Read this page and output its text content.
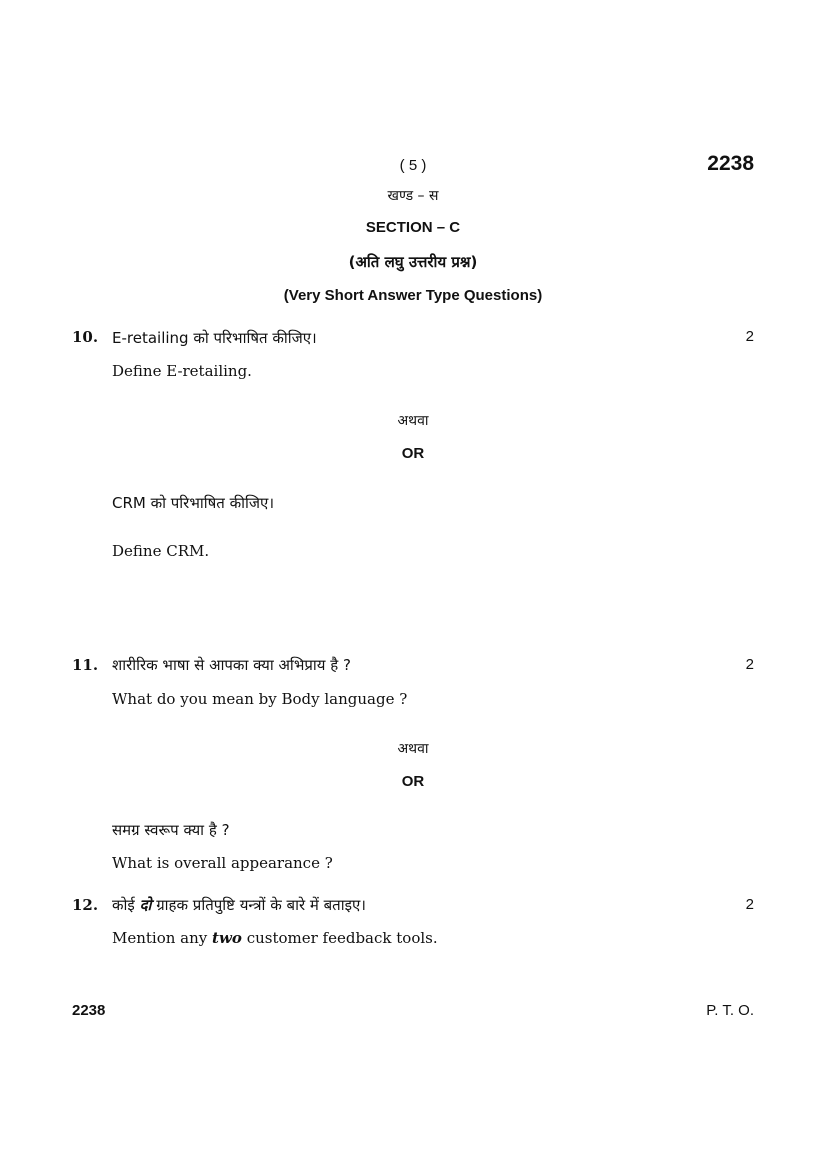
( 5 )	2238
खण्ड – स
SECTION – C
(अति लघु उत्तरीय प्रश्न)
(Very Short Answer Type Questions)
10. E-retailing को परिभाषित कीजिए।	2
Define E-retailing.
अथवा
OR
CRM को परिभाषित कीजिए।
Define CRM.
11. शारीरिक भाषा से आपका क्या अभिप्राय है ?	2
What do you mean by Body language ?
अथवा
OR
समग्र स्वरूप क्या है ?
What is overall appearance ?
12. कोई दो ग्राहक प्रतिपुष्टि यन्त्रों के बारे में बताइए।	2
Mention any two customer feedback tools.
2238	P. T. O.
